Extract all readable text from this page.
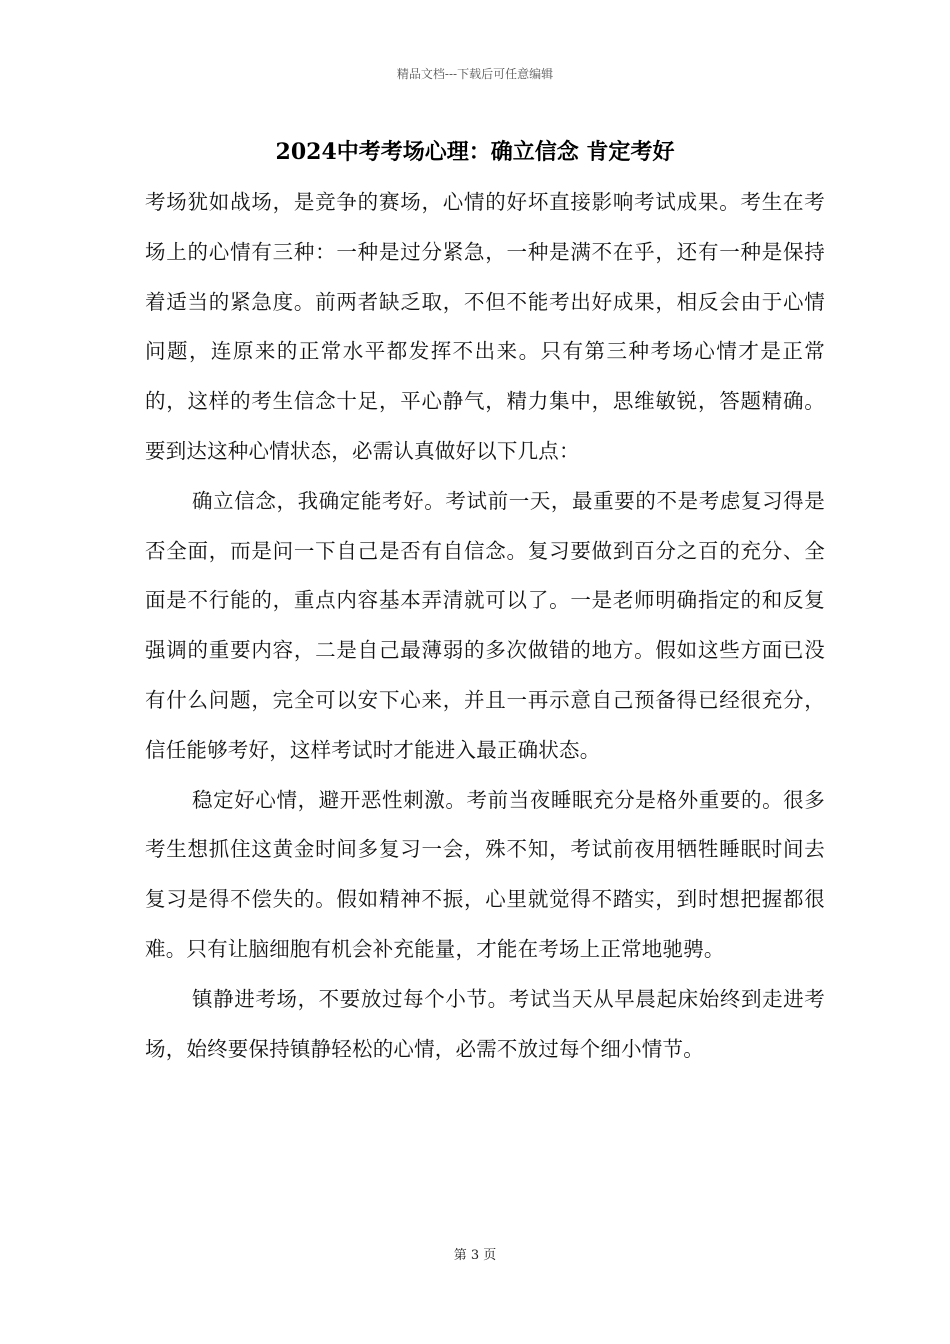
精品文档---下载后可任意编辑
2024中考考场心理：确立信念 肯定考好

考场犹如战场，是竞争的赛场，心情的好坏直接影响考试成果。考生在考场上的心情有三种：一种是过分紧急，一种是满不在乎，还有一种是保持着适当的紧急度。前两者缺乏取，不但不能考出好成果，相反会由于心情问题，连原来的正常水平都发挥不出来。只有第三种考场心情才是正常的，这样的考生信念十足，平心静气，精力集中，思维敏锐，答题精确。要到达这种心情状态，必需认真做好以下几点：

确立信念，我确定能考好。考试前一天，最重要的不是考虑复习得是否全面，而是问一下自己是否有自信念。复习要做到百分之百的充分、全面是不行能的，重点内容基本弄清就可以了。一是老师明确指定的和反复强调的重要内容，二是自己最薄弱的多次做错的地方。假如这些方面已没有什么问题，完全可以安下心来，并且一再示意自己预备得已经很充分，信任能够考好，这样考试时才能进入最正确状态。

稳定好心情，避开恶性刺激。考前当夜睡眠充分是格外重要的。很多考生想抓住这黄金时间多复习一会，殊不知，考试前夜用牺牲睡眠时间去复习是得不偿失的。假如精神不振，心里就觉得不踏实，到时想把握都很难。只有让脑细胞有机会补充能量，才能在考场上正常地驰骋。

镇静进考场，不要放过每个小节。考试当天从早晨起床始终到走进考场，始终要保持镇静轻松的心情，必需不放过每个细小情节。

第 3 页
